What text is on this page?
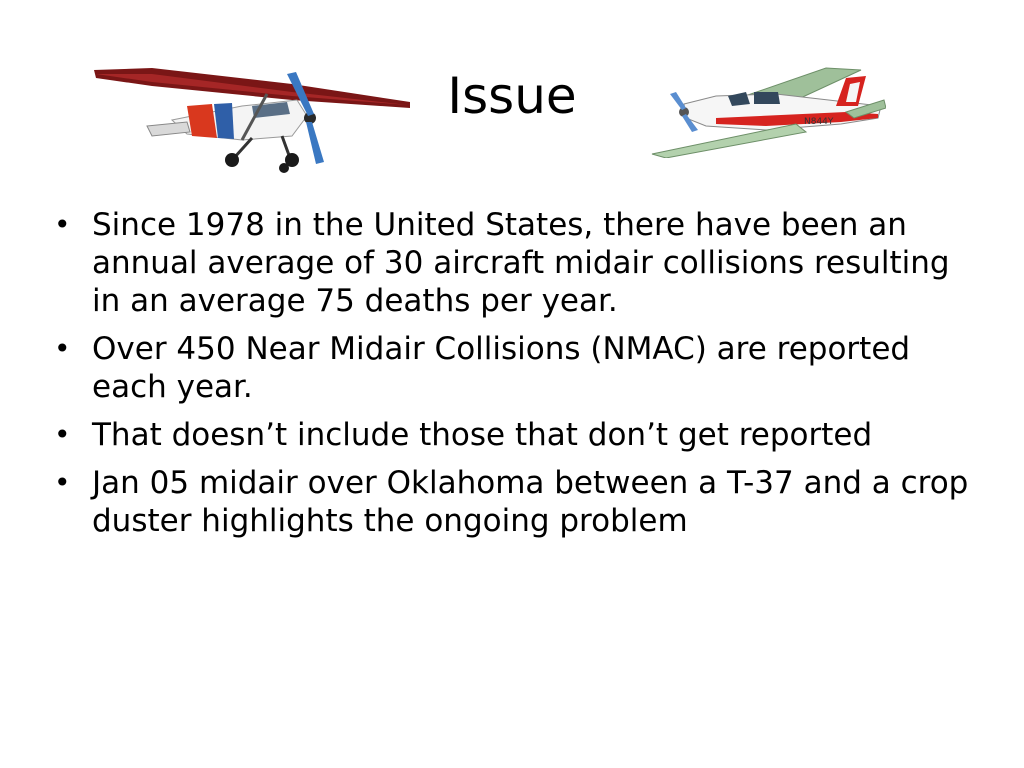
Issue	N844Y
• Since 1978 in the United States, there have been an annual average of 30 aircraft midair collisions resulting in an average 75 deaths per year.
• Over 450 Near Midair Collisions (NMAC) are reported each year.
• That doesn’t include those that don’t get reported
• Jan 05 midair over Oklahoma between a T-37 and a crop duster highlights the ongoing problem
